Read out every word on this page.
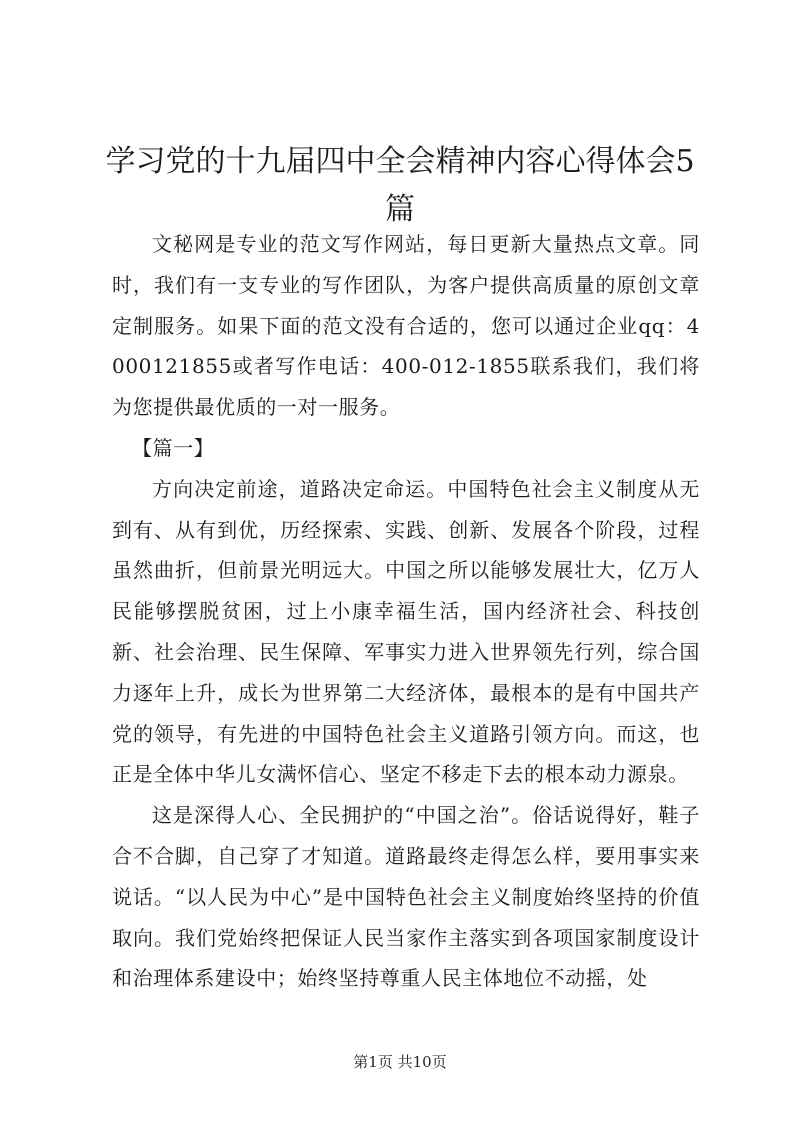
学习党的十九届四中全会精神内容心得体会5篇

文秘网是专业的范文写作网站，每日更新大量热点文章。同时，我们有一支专业的写作团队，为客户提供高质量的原创文章定制服务。如果下面的范文没有合适的，您可以通过企业qq：4000121855或者写作电话：400-012-1855联系我们，我们将为您提供最优质的一对一服务。

【篇一】

方向决定前途，道路决定命运。中国特色社会主义制度从无到有、从有到优，历经探索、实践、创新、发展各个阶段，过程虽然曲折，但前景光明远大。中国之所以能够发展壮大，亿万人民能够摆脱贫困，过上小康幸福生活，国内经济社会、科技创新、社会治理、民生保障、军事实力进入世界领先行列，综合国力逐年上升，成长为世界第二大经济体，最根本的是有中国共产党的领导，有先进的中国特色社会主义道路引领方向。而这，也正是全体中华儿女满怀信心、坚定不移走下去的根本动力源泉。

这是深得人心、全民拥护的“中国之治”。俗话说得好，鞋子合不合脚，自己穿了才知道。道路最终走得怎么样，要用事实来说话。“以人民为中心”是中国特色社会主义制度始终坚持的价值取向。我们党始终把保证人民当家作主落实到各项国家制度设计和治理体系建设中；始终坚持尊重人民主体地位不动摇，处

第1页 共10页
